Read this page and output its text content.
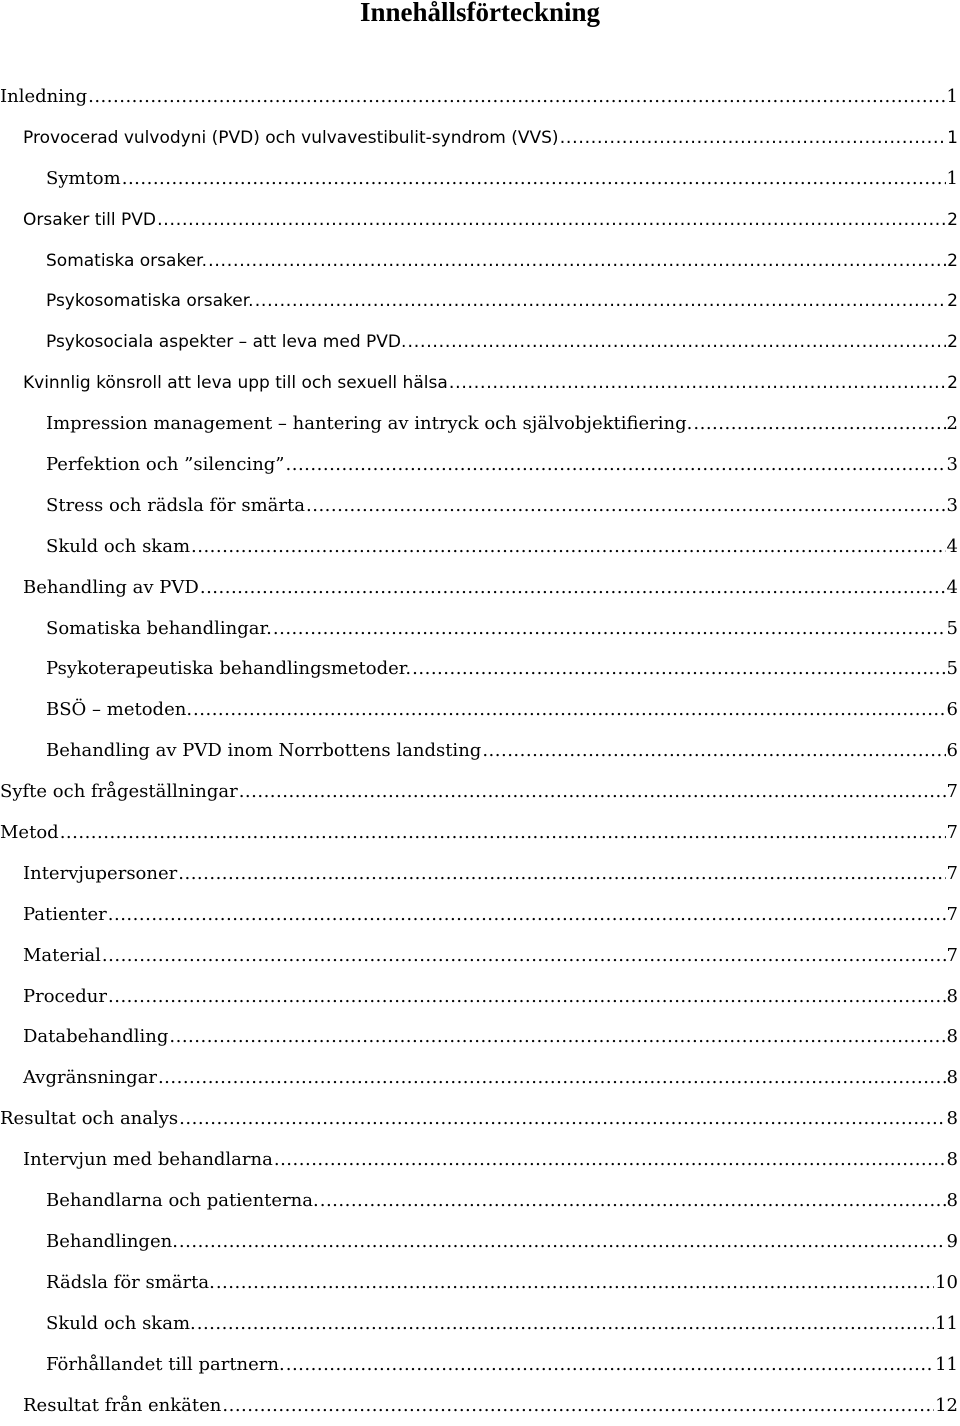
Innehållsförteckning
Inledning .....	1
Provocerad vulvodyni (PVD) och vulvavestibulit-syndrom (VVS) .....	1
Symtom .....	1
Orsaker till PVD .....	2
Somatiska orsaker. .....	2
Psykosomatiska orsaker. .....	2
Psykosociala aspekter – att leva med PVD. .....	2
Kvinnlig könsroll att leva upp till och sexuell hälsa .....	2
Impression management – hantering av intryck och självobjektifiering. .....	2
Perfektion och ”silencing” .....	3
Stress och rädsla för smärta .....	3
Skuld och skam .....	4
Behandling av PVD .....	4
Somatiska behandlingar. .....	5
Psykoterapeutiska behandlingsmetoder. .....	5
BSÖ – metoden. .....	6
Behandling av PVD inom Norrbottens landsting .....	6
Syfte och frågeställningar .....	7
Metod .....	7
Intervjupersoner .....	7
Patienter .....	7
Material .....	7
Procedur .....	8
Databehandling .....	8
Avgränsningar .....	8
Resultat och analys .....	8
Intervjun med behandlarna .....	8
Behandlarna och patienterna. .....	8
Behandlingen. .....	9
Rädsla för smärta. .....	10
Skuld och skam. .....	11
Förhållandet till partnern. .....	11
Resultat från enkäten .....	12
